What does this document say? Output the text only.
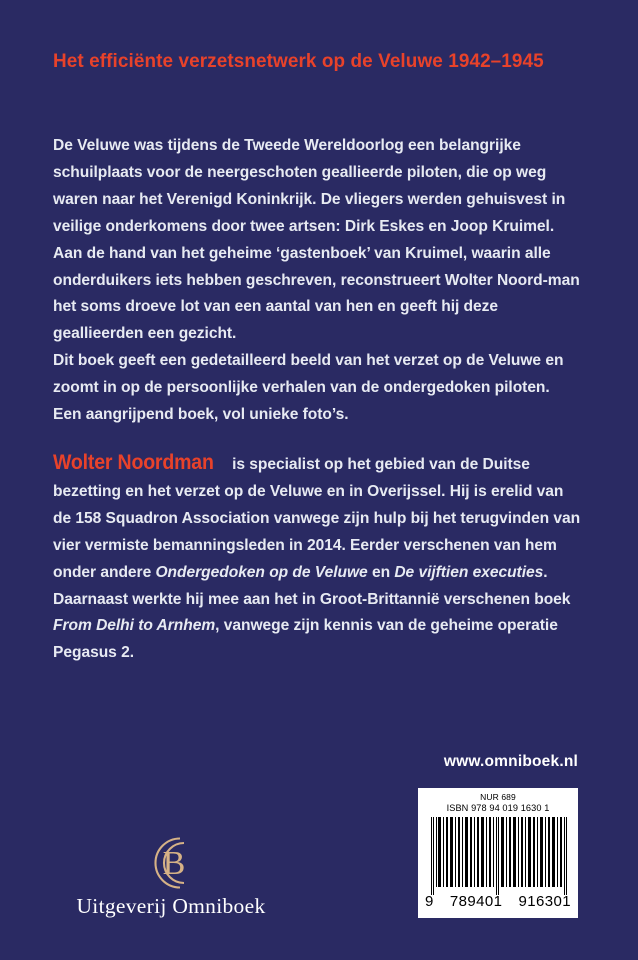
Het efficiënte verzetsnetwerk op de Veluwe 1942–1945

De Veluwe was tijdens de Tweede Wereldoorlog een belangrijke schuilplaats voor de neergeschoten geallieerde piloten, die op weg waren naar het Verenigd Koninkrijk. De vliegers werden gehuisvest in veilige onderkomens door twee artsen: Dirk Eskes en Joop Kruimel. Aan de hand van het geheime ‘gastenboek’ van Kruimel, waarin alle onderduikers iets hebben geschreven, reconstrueert Wolter Noord-man het soms droeve lot van een aantal van hen en geeft hij deze geallieerden een gezicht.

Dit boek geeft een gedetailleerd beeld van het verzet op de Veluwe en zoomt in op de persoonlijke verhalen van de ondergedoken piloten. Een aangrijpend boek, vol unieke foto’s.

Wolter Noordman is specialist op het gebied van de Duitse bezetting en het verzet op de Veluwe en in Overijssel. Hij is erelid van de 158 Squadron Association vanwege zijn hulp bij het terugvinden van vier vermiste bemanningsleden in 2014. Eerder verschenen van hem onder andere Ondergedoken op de Veluwe en De vijftien executies. Daarnaast werkte hij mee aan het in Groot-Brittannië verschenen boek From Delhi to Arnhem, vanwege zijn kennis van de geheime operatie Pegasus 2.

www.omniboek.nl
NUR 689
ISBN 978 94 019 1630 1
9 789401 916301
B
Uitgeverij Omniboek
